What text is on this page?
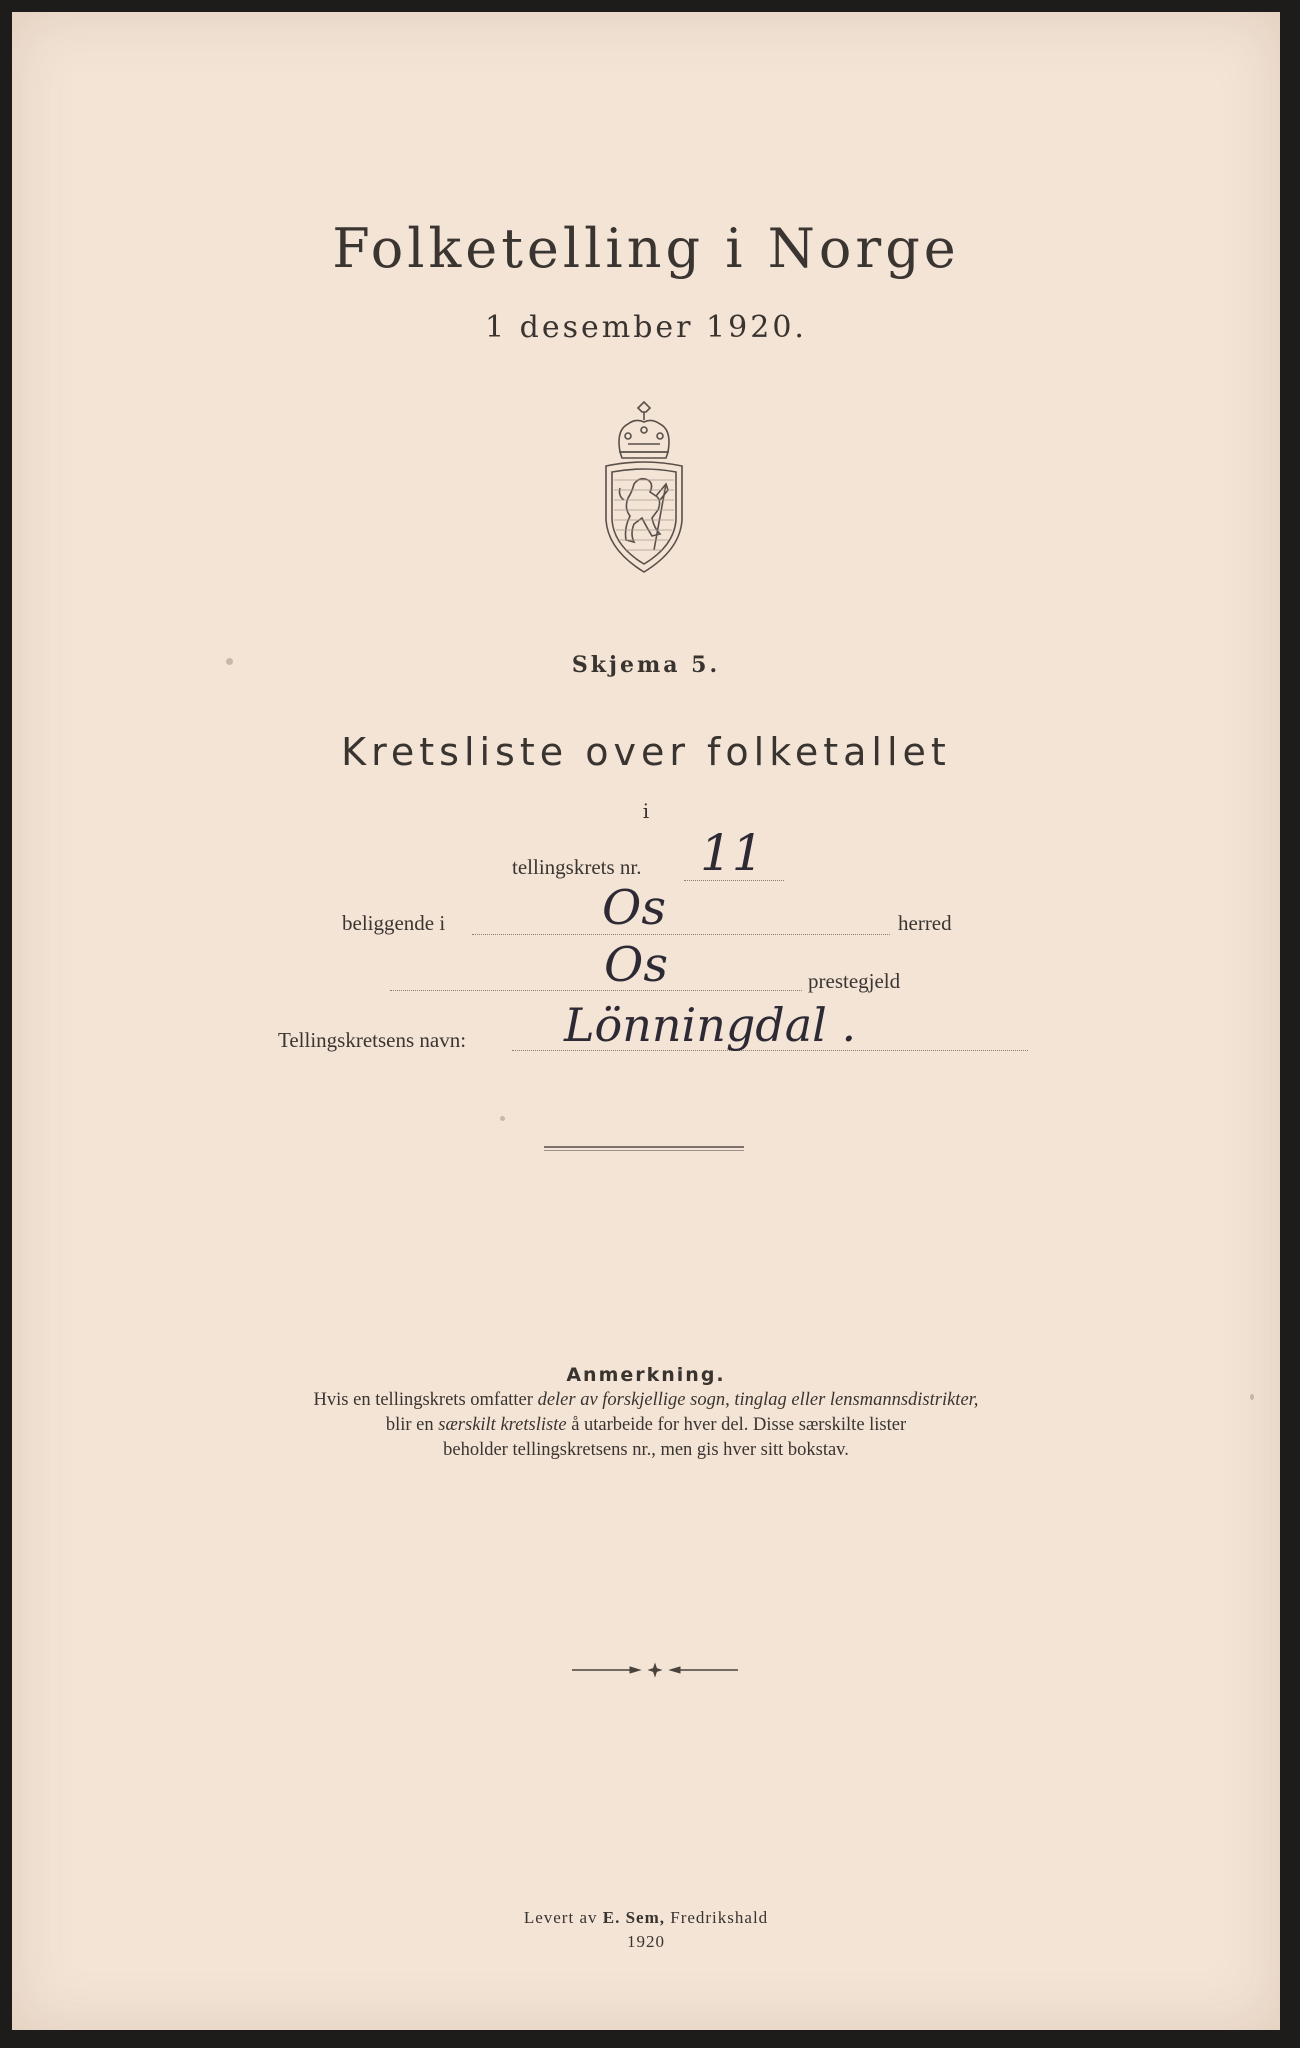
Folketelling i Norge
1 desember 1920.
Skjema 5.
Kretsliste over folketallet
i
tellingskrets nr. 11
beliggende i	Os	herred
Os	prestegjeld
Tellingskretsens navn: Lönningdal .
Anmerkning.
Hvis en tellingskrets omfatter deler av forskjellige sogn, tinglag eller lensmannsdistrikter,
blir en særskilt kretsliste å utarbeide for hver del. Disse særskilte lister
beholder tellingskretsens nr., men gis hver sitt bokstav.
Levert av E. Sem, Fredrikshald
1920
